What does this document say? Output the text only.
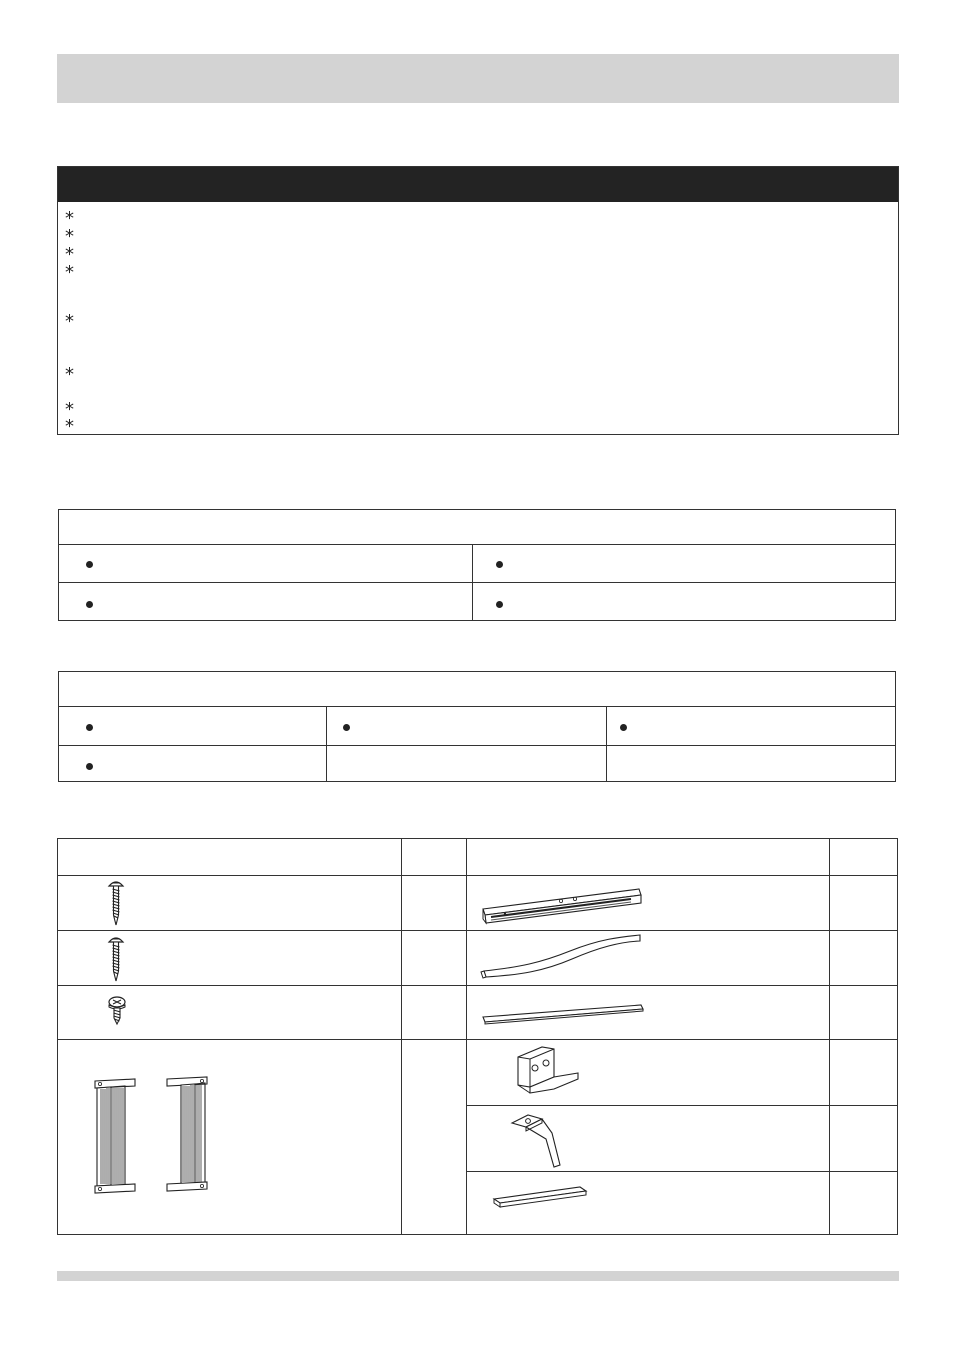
*
*
*
*
*
*
*
*
